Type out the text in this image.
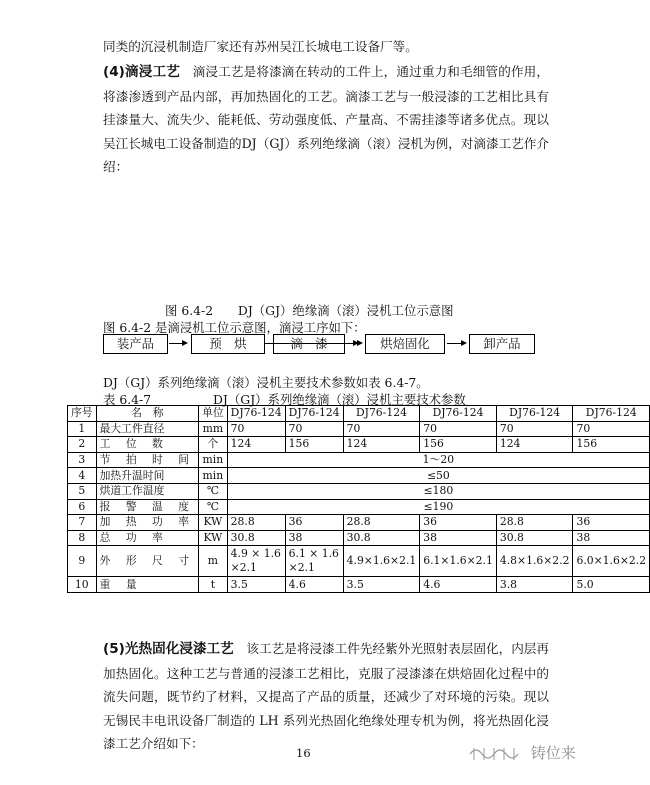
同类的沉浸机制造厂家还有苏州吴江长城电工设备厂等。
(4)滴浸工艺　 滴浸工艺是将漆滴在转动的工件上，通过重力和毛细管的作用，将漆渗透到产品内部，再加热固化的工艺。滴漆工艺与一般浸漆的工艺相比具有挂漆量大、流失少、能耗低、劳动强度低、产量高、不需挂漆等诸多优点。现以吴江长城电工设备制造的DJ（GJ）系列绝缘滴（滚）浸机为例，对滴漆工艺作介绍：
图 6.4-2　　DJ（GJ）绝缘滴（滚）浸机工位示意图
图 6.4-2 是滴浸机工位示意图，滴浸工序如下：
装产品	预　烘	滴　漆	烘焙固化	卸产品
DJ（GJ）系列绝缘滴（滚）浸机主要技术参数如表 6.4-7。
表 6.4-7	DJ（GJ）系列绝缘滴（滚）浸机主要技术参数
序号	名　称	单位	DJ76-124	DJ76-124	DJ76-124	DJ76-124	DJ76-124	DJ76-124
1	最大工件直径	mm	70	70	70	70	70	70
2	工 位 数	个	124	156	124	156	124	156
3	节 拍 时 间	min	1～20					
4	加热升温时间	min	≤50					
5	烘道工作温度	℃	≤180					
6	报 警 温 度	℃	≤190					
7	加 热 功 率	KW	28.8	36	28.8	36	28.8	36
8	总 功 率	KW	30.8	38	30.8	38	30.8	38
9	外 形 尺 寸	m	4.9 × 1.6 ×2.1	6.1 × 1.6 ×2.1	4.9×1.6×2.1	6.1×1.6×2.1	4.8×1.6×2.2	6.0×1.6×2.2
10	重 量	t	3.5	4.6	3.5	4.6	3.8	5.0
(5)光热固化浸漆工艺　 该工艺是将浸漆工件先经紫外光照射表层固化，内层再加热固化。这种工艺与普通的浸漆工艺相比，克服了浸漆漆在烘焙固化过程中的流失问题，既节约了材料，又提高了产品的质量，还减少了对环境的污染。现以无锡民丰电讯设备厂制造的 LH 系列光热固化绝缘处理专机为例，将光热固化浸漆工艺介绍如下：
16	铸位来
